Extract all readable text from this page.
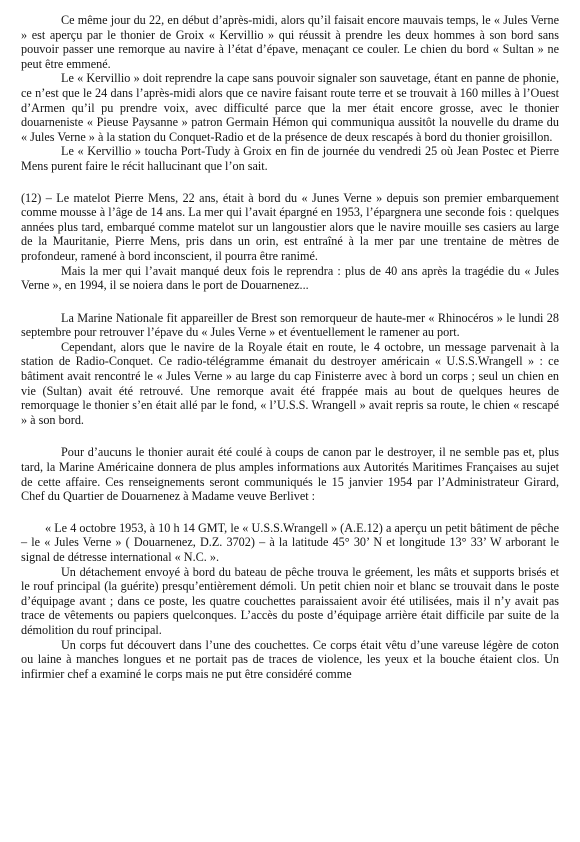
Ce même jour du 22, en début d’après-midi, alors qu’il faisait encore mauvais temps, le « Jules Verne » est aperçu par le thonier de Groix « Kervillio » qui réussit à prendre les deux hommes à son bord sans pouvoir passer une remorque au navire à l’état d’épave, menaçant ce couler. Le chien du bord « Sultan » ne peut être emmené.

Le « Kervillio » doit reprendre la cape sans pouvoir signaler son sauvetage, étant en panne de phonie, ce n’est que le 24 dans l’après-midi alors que ce navire faisant route terre et se trouvait à 160 milles à l’Ouest d’Armen qu’il pu prendre voix, avec difficulté parce que la mer était encore grosse, avec le thonier douarneniste « Pieuse Paysanne » patron Germain Hémon qui communiqua aussitôt la nouvelle du drame du « Jules Verne » à la station du Conquet-Radio et de la présence de deux rescapés à bord du thonier groisillon.

Le « Kervillio » toucha Port-Tudy à Groix en fin de journée du vendredi 25 où Jean Postec et Pierre Mens purent faire le récit hallucinant que l’on sait.

(12) – Le matelot Pierre Mens, 22 ans, était à bord du « Junes Verne » depuis son premier embarquement comme mousse à l’âge de 14 ans. La mer qui l’avait épargné en 1953, l’épargnera une seconde fois : quelques années plus tard, embarqué comme matelot sur un langoustier alors que le navire mouille ses casiers au large de la Mauritanie, Pierre Mens, pris dans un orin, est entraîné à la mer par une trentaine de mètres de profondeur, ramené à bord inconscient, il pourra être ranimé.

Mais la mer qui l’avait manqué deux fois le reprendra : plus de 40 ans après la tragédie du « Jules Verne », en 1994, il se noiera dans le port de Douarnenez...

La Marine Nationale fit appareiller de Brest son remorqueur de haute-mer « Rhinocéros » le lundi 28 septembre pour retrouver l’épave du « Jules Verne » et éventuellement le ramener au port.

Cependant, alors que le navire de la Royale était en route, le 4 octobre, un message parvenait à la station de Radio-Conquet. Ce radio-télégramme émanait du destroyer américain « U.S.S.Wrangell » : ce bâtiment avait rencontré le « Jules Verne » au large du cap Finisterre avec à bord un corps ; seul un chien en vie (Sultan) avait été retrouvé. Une remorque avait été frappée mais au bout de quelques heures de remorquage le thonier s’en était allé par le fond, « l’U.S.S. Wrangell » avait repris sa route, le chien « rescapé » à son bord.

Pour d’aucuns le thonier aurait été coulé à coups de canon par le destroyer, il ne semble pas et, plus tard, la Marine Américaine donnera de plus amples informations aux Autorités Maritimes Françaises au sujet de cette affaire. Ces renseignements seront communiqués le 15 janvier 1954 par l’Administrateur Girard, Chef du Quartier de Douarnenez à Madame veuve Berlivet :

« Le 4 octobre 1953, à 10 h 14 GMT, le « U.S.S.Wrangell » (A.E.12) a aperçu un petit bâtiment de pêche – le « Jules Verne » ( Douarnenez, D.Z. 3702) – à la latitude 45° 30’ N et longitude 13° 33’ W arborant le signal de détresse international « N.C. ».

Un détachement envoyé à bord du bateau de pêche trouva le gréement, les mâts et supports brisés et le rouf principal (la guérite) presqu’entièrement démoli. Un petit chien noir et blanc se trouvait dans le poste d’équipage avant ; dans ce poste, les quatre couchettes paraissaient avoir été utilisées, mais il n’y avait pas trace de vêtements ou papiers quelconques. L’accès du poste d’équipage arrière était difficile par suite de la démolition du rouf principal.

Un corps fut découvert dans l’une des couchettes. Ce corps était vêtu d’une vareuse légère de coton ou laine à manches longues et ne portait pas de traces de violence, les yeux et la bouche étaient clos. Un infirmier chef a examiné le corps mais ne put être considéré comme
